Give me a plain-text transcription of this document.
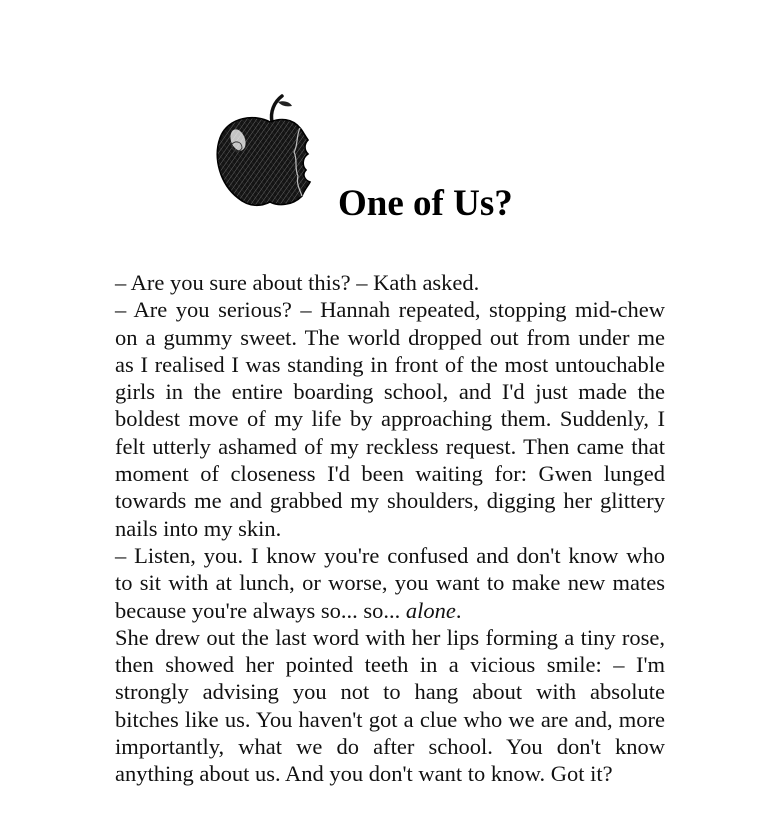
One of Us?

– Are you sure about this? – Kath asked.

– Are you serious? – Hannah repeated, stopping mid-chew on a gummy sweet. The world dropped out from under me as I realised I was standing in front of the most untouchable girls in the entire boarding school, and I'd just made the boldest move of my life by approaching them. Suddenly, I felt utterly ashamed of my reckless request. Then came that moment of closeness I'd been waiting for: Gwen lunged towards me and grabbed my shoulders, digging her glittery nails into my skin.

– Listen, you. I know you're confused and don't know who to sit with at lunch, or worse, you want to make new mates because you're always so... so... alone.

She drew out the last word with her lips forming a tiny rose, then showed her pointed teeth in a vicious smile: – I'm strongly advising you not to hang about with absolute bitches like us. You haven't got a clue who we are and, more importantly, what we do after school. You don't know anything about us. And you don't want to know. Got it?
